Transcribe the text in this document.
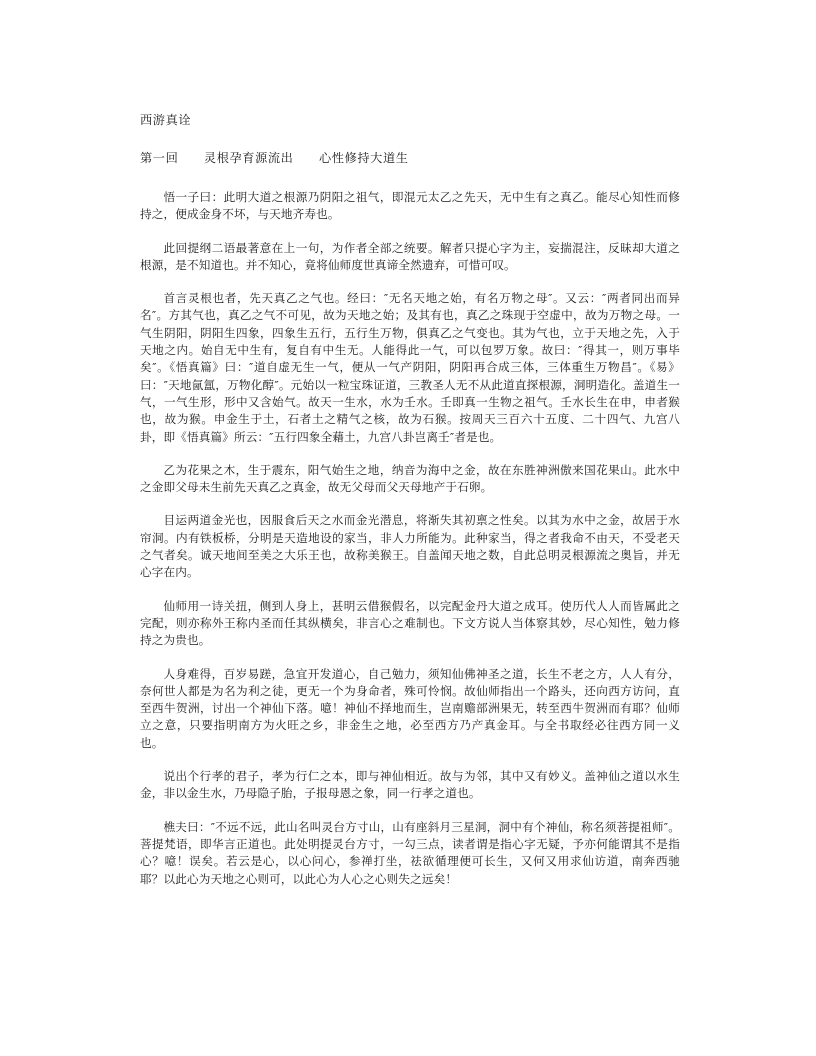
西游真诠
第一回　　灵根孕育源流出　　心性修持大道生

悟一子曰：此明大道之根源乃阴阳之祖气，即混元太乙之先天，无中生有之真乙。能尽心知性而修持之，便成金身不坏，与天地齐寿也。

此回提纲二语最著意在上一句，为作者全部之统要。解者只提心字为主，妄揣混注，反昧却大道之根源，是不知道也。并不知心，竟将仙师度世真谛全然遗弃，可惜可叹。

首言灵根也者，先天真乙之气也。经曰：″无名天地之始，有名万物之母″。又云：″两者同出而异名″。方其气也，真乙之气不可见，故为天地之始；及其有也，真乙之珠现于空虚中，故为万物之母。一气生阴阳，阴阳生四象，四象生五行，五行生万物，俱真乙之气变也。其为气也，立于天地之先，入于天地之内。始自无中生有，复自有中生无。人能得此一气，可以包罗万象。故曰：″得其一，则万事毕矣″。《悟真篇》曰：″道自虚无生一气，便从一气产阴阳，阴阳再合成三体，三体重生万物昌″。《易》曰：″天地氤氲，万物化醇″。元始以一粒宝珠证道，三教圣人无不从此道直探根源，洞明造化。盖道生一气，一气生形，形中又含始气。故天一生水，水为壬水。壬即真一生物之祖气。壬水长生在申，申者猴也，故为猴。申金生于土，石者土之精气之核，故为石猴。按周天三百六十五度、二十四气、九宫八卦，即《悟真篇》所云：″五行四象全藉土，九宫八卦岂离壬″者是也。

乙为花果之木，生于震东，阳气始生之地，纳音为海中之金，故在东胜神洲傲来国花果山。此水中之金即父母未生前先天真乙之真金，故无父母而父天母地产于石卵。

目运两道金光也，因服食后天之水而金光潜息，将渐失其初禀之性矣。以其为水中之金，故居于水帘洞。内有铁板桥，分明是天造地设的家当，非人力所能为。此种家当，得之者我命不由天，不受老天之气者矣。诚天地间至美之大乐王也，故称美猴王。自盖闻天地之数，自此总明灵根源流之奥旨，并无心字在内。

仙师用一诗关扭，侧到人身上，甚明云借猴假名，以完配金丹大道之成耳。使历代人人而皆属此之完配，则亦称外王称内圣而任其纵横矣，非言心之难制也。下文方说人当体察其妙，尽心知性，勉力修持之为贵也。

人身难得，百岁易蹉，急宜开发道心，自己勉力，须知仙佛神圣之道，长生不老之方，人人有分，奈何世人都是为名为利之徒，更无一个为身命者，殊可怜悯。故仙师指出一个路头，还向西方访问，直至西牛贺洲，讨出一个神仙下落。噫！神仙不择地而生，岂南赡部洲果无，转至西牛贺洲而有耶？仙师立之意，只要指明南方为火旺之乡，非金生之地，必至西方乃产真金耳。与全书取经必往西方同一义也。

说出个行孝的君子，孝为行仁之本，即与神仙相近。故与为邻，其中又有妙义。盖神仙之道以水生金，非以金生水，乃母隐子胎，子报母恩之象，同一行孝之道也。

樵夫曰：″不远不远，此山名叫灵台方寸山，山有座斜月三星洞，洞中有个神仙，称名须菩提祖师″。菩提梵语，即华言正道也。此处明提灵台方寸，一勾三点，读者谓是指心字无疑，予亦何能谓其不是指心？噫！误矣。若云是心，以心问心，参禅打坐，祛欲循理便可长生，又何又用求仙访道，南奔西驰耶？以此心为天地之心则可，以此心为人心之心则失之远矣！
